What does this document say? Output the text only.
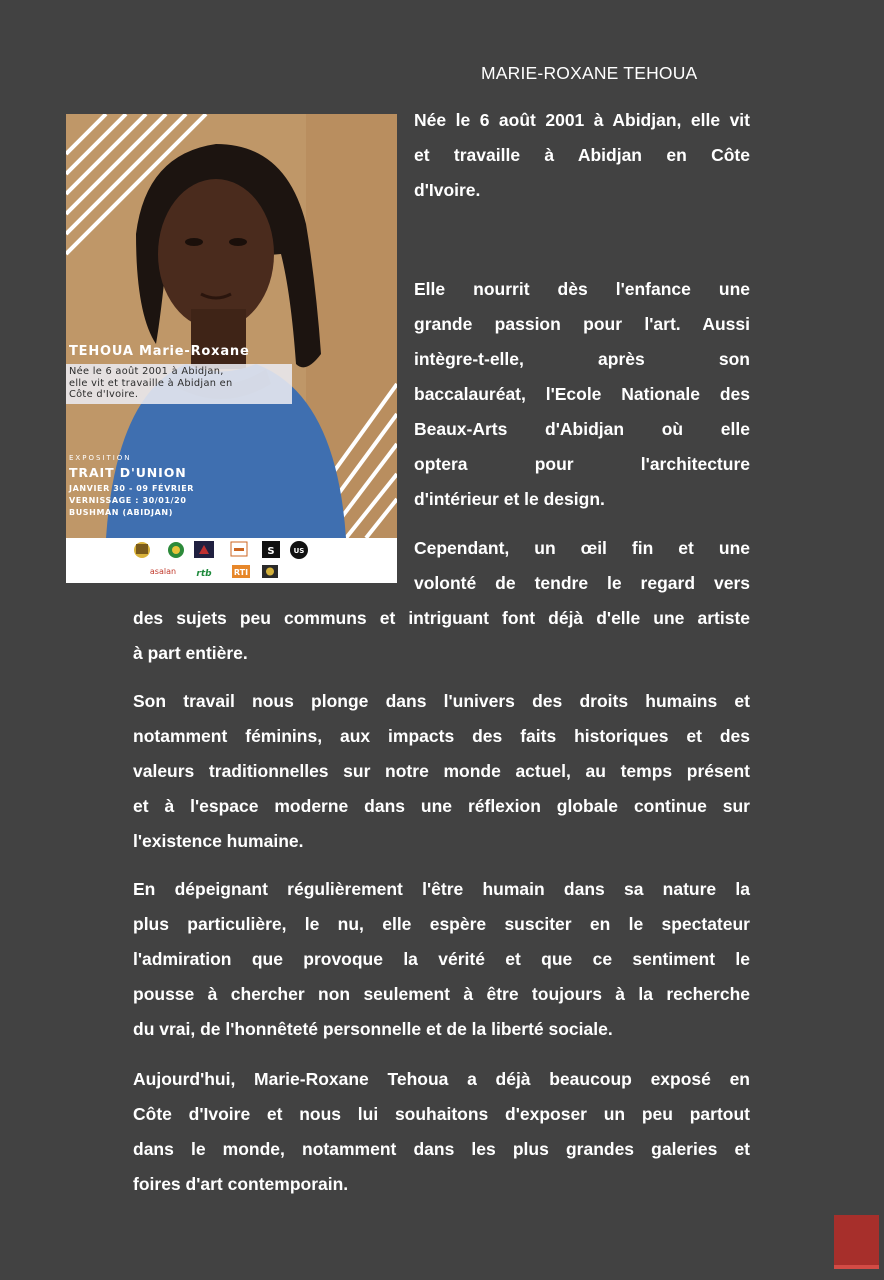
MARIE-ROXANE TEHOUA
TEHOUA Marie-Roxane
Née le 6 août 2001 à Abidjan,
elle vit et travaille à Abidjan en
Côte d'Ivoire.
EXPOSITION
TRAIT D'UNION
JANVIER 30 - 09 FÉVRIER
VERNISSAGE : 30/01/20
BUSHMAN (ABIDJAN)
S	US
asalan rtb	RTI
Née le 6 août 2001 à Abidjan, elle vit
et travaille à Abidjan en Côte
d'Ivoire.
Elle nourrit dès l'enfance une
grande passion pour l'art. Aussi
intègre-t-elle, après son
baccalauréat, l'Ecole Nationale des
Beaux-Arts d'Abidjan où elle
optera pour l'architecture
d'intérieur et le design.
Cependant, un œil fin et une
volonté de tendre le regard vers
des sujets peu communs et intriguant font déjà d'elle une artiste
à part entière.
Son travail nous plonge dans l'univers des droits humains et
notamment féminins, aux impacts des faits historiques et des
valeurs traditionnelles sur notre monde actuel, au temps présent
et à l'espace moderne dans une réflexion globale continue sur
l'existence humaine.
En dépeignant régulièrement l'être humain dans sa nature la
plus particulière, le nu, elle espère susciter en le spectateur
l'admiration que provoque la vérité et que ce sentiment le
pousse à chercher non seulement à être toujours à la recherche
du vrai, de l'honnêteté personnelle et de la liberté sociale.
Aujourd'hui, Marie-Roxane Tehoua a déjà beaucoup exposé en
Côte d'Ivoire et nous lui souhaitons d'exposer un peu partout
dans le monde, notamment dans les plus grandes galeries et
foires d'art contemporain.
